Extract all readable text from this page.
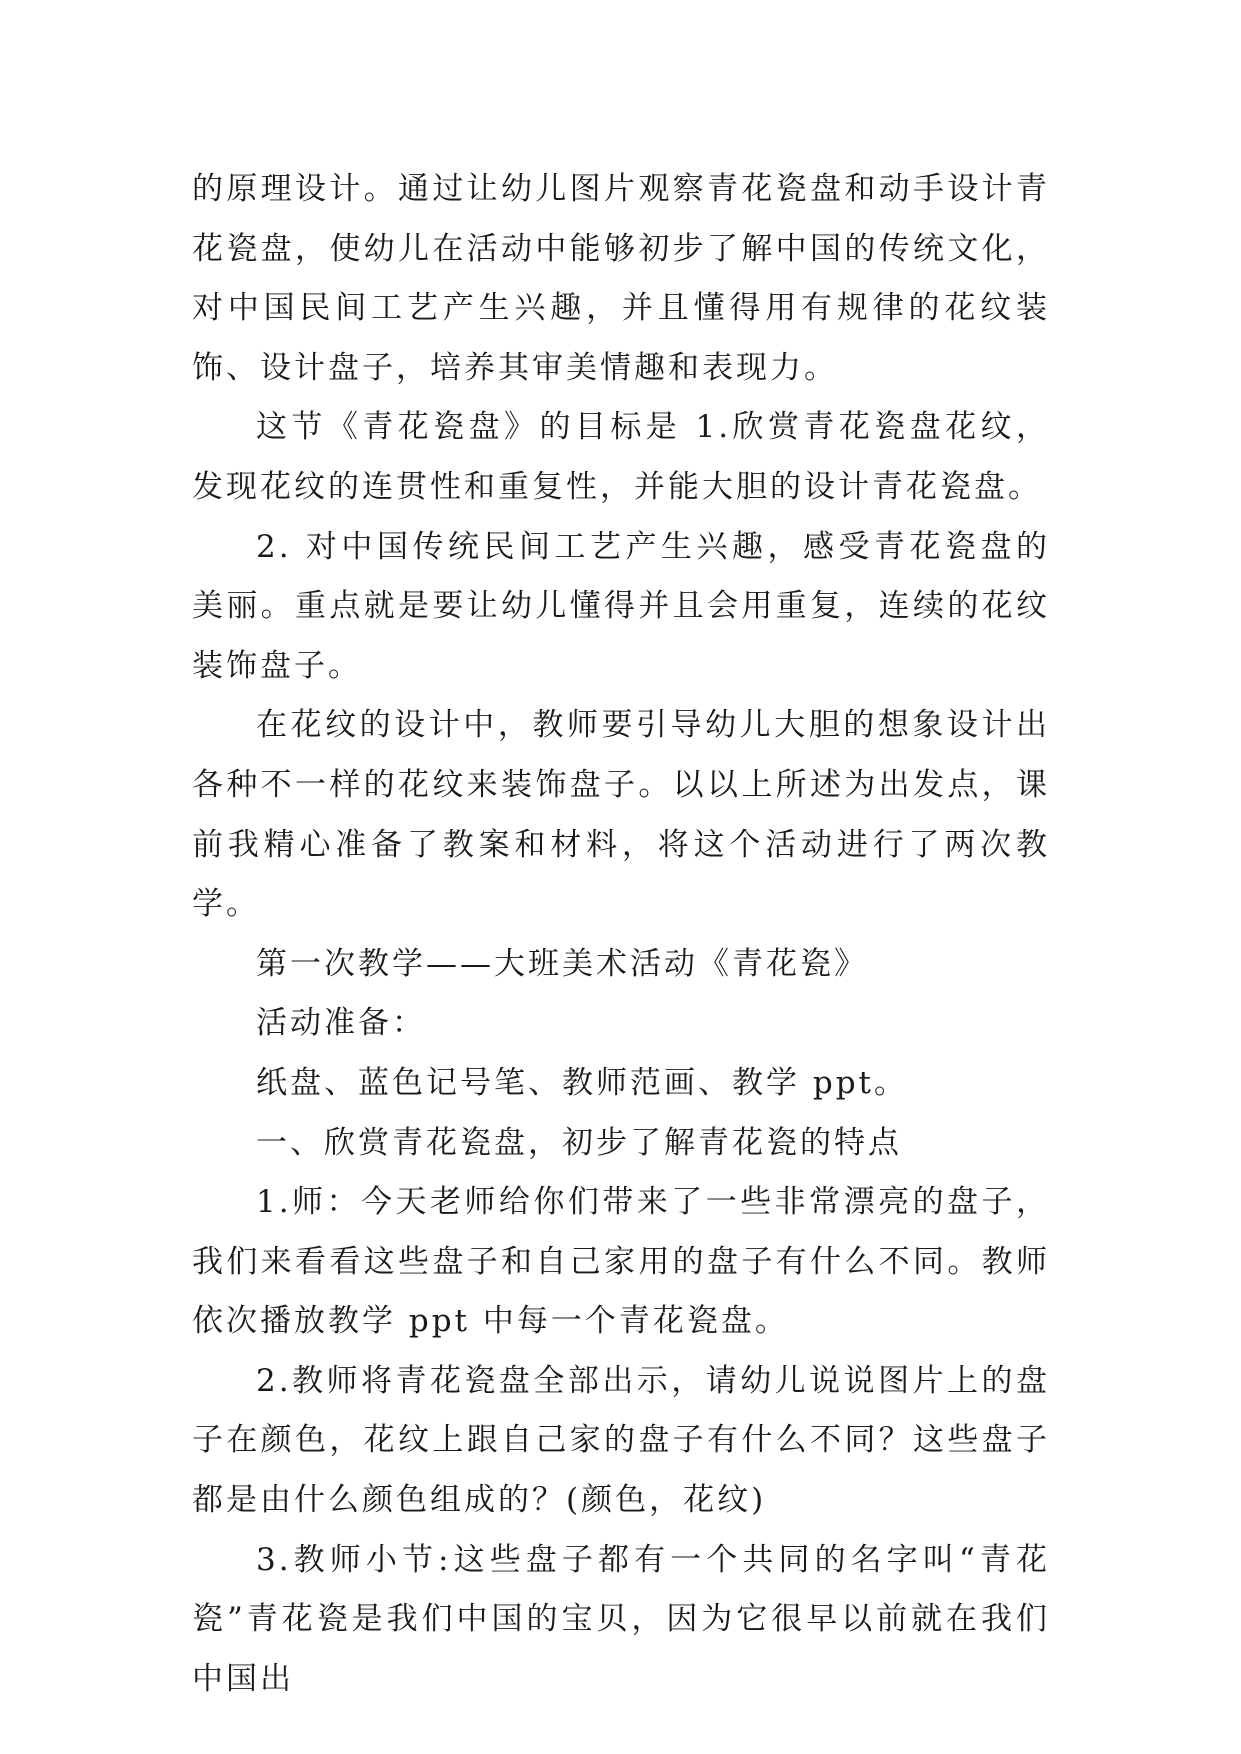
的原理设计。通过让幼儿图片观察青花瓷盘和动手设计青花瓷盘，使幼儿在活动中能够初步了解中国的传统文化，对中国民间工艺产生兴趣，并且懂得用有规律的花纹装饰、设计盘子，培养其审美情趣和表现力。

这节《青花瓷盘》的目标是 1.欣赏青花瓷盘花纹，发现花纹的连贯性和重复性，并能大胆的设计青花瓷盘。

2. 对中国传统民间工艺产生兴趣，感受青花瓷盘的美丽。重点就是要让幼儿懂得并且会用重复，连续的花纹装饰盘子。

在花纹的设计中，教师要引导幼儿大胆的想象设计出各种不一样的花纹来装饰盘子。以以上所述为出发点，课前我精心准备了教案和材料，将这个活动进行了两次教学。

第一次教学——大班美术活动《青花瓷》

活动准备：

纸盘、蓝色记号笔、教师范画、教学 ppt。

一、欣赏青花瓷盘，初步了解青花瓷的特点

1.师：今天老师给你们带来了一些非常漂亮的盘子，我们来看看这些盘子和自己家用的盘子有什么不同。教师依次播放教学 ppt 中每一个青花瓷盘。

2.教师将青花瓷盘全部出示，请幼儿说说图片上的盘子在颜色，花纹上跟自己家的盘子有什么不同？这些盘子都是由什么颜色组成的？(颜色，花纹)

3.教师小节:这些盘子都有一个共同的名字叫“青花瓷”青花瓷是我们中国的宝贝，因为它很早以前就在我们中国出
